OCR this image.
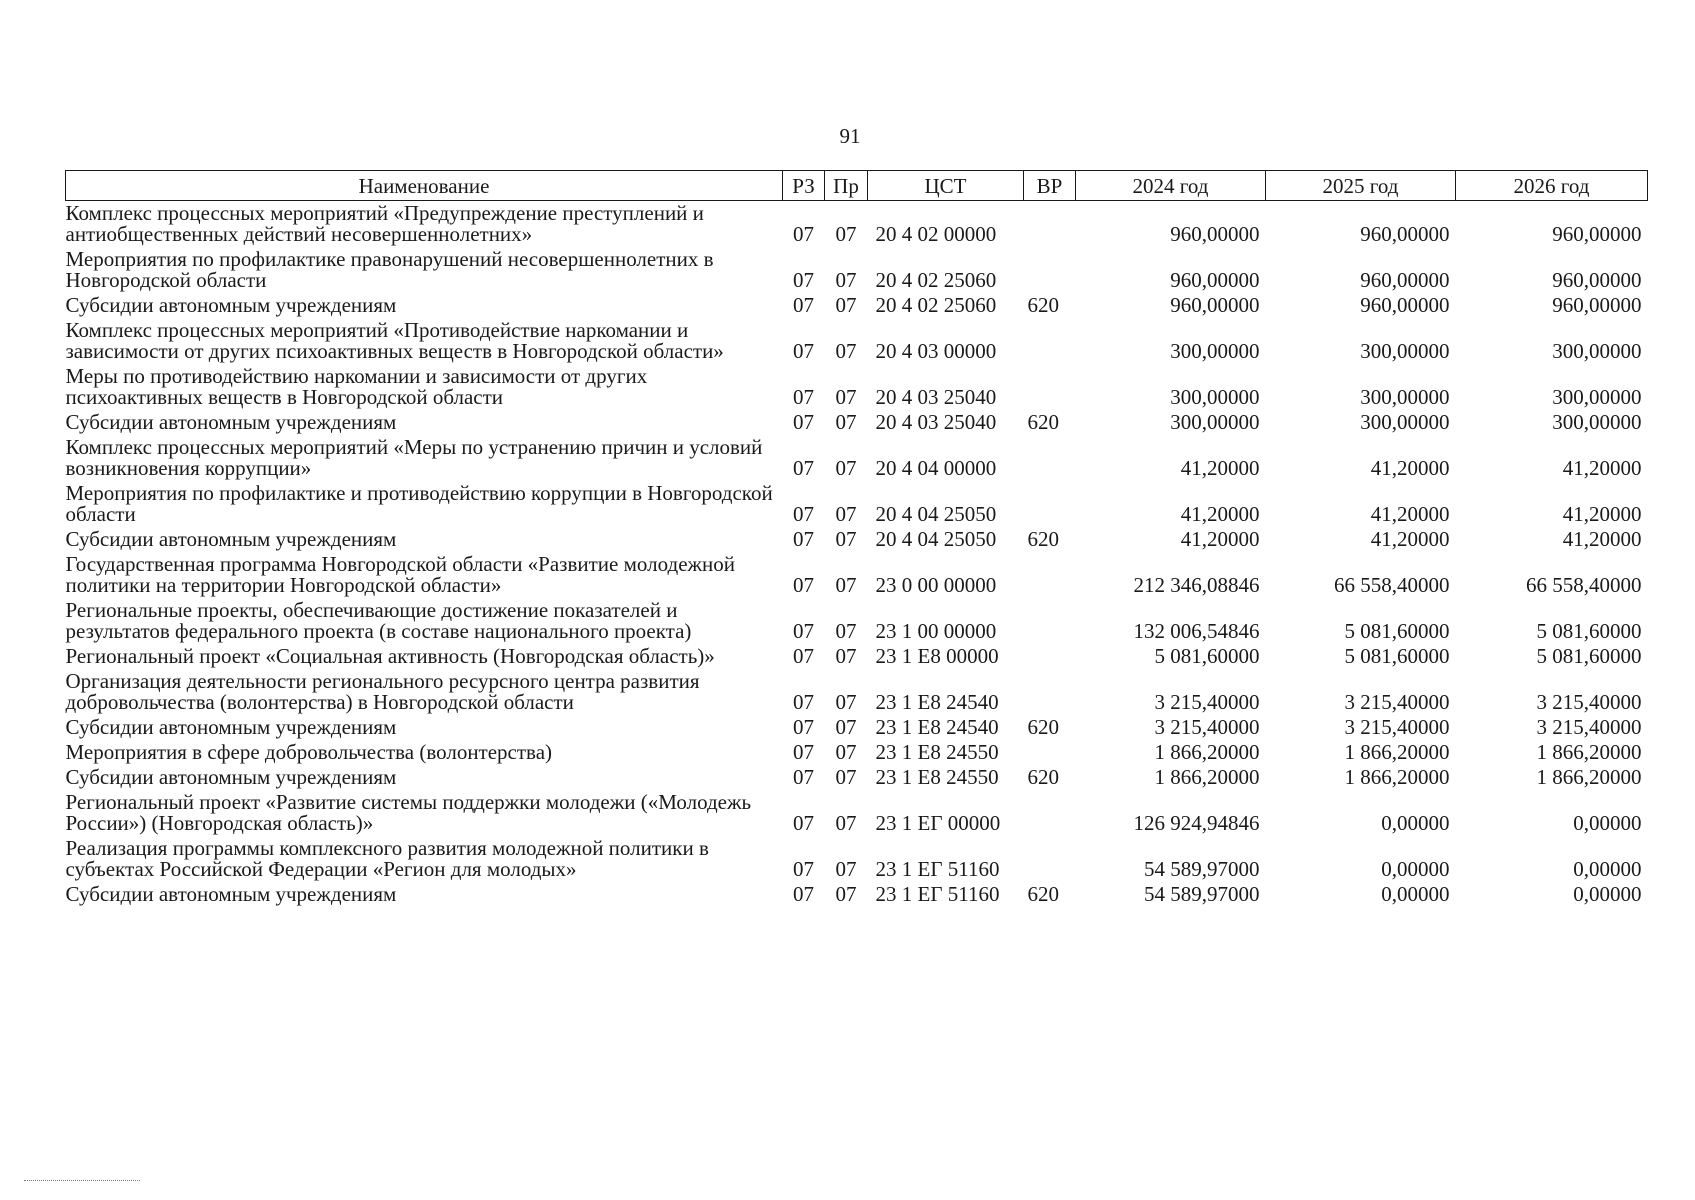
91
Наименование	РЗ	Пр	ЦСТ	ВР	2024 год	2025 год	2026 год
Комплекс процессных мероприятий «Предупреждение преступлений и антиобщественных действий несовершеннолетних»	07	07	20 4 02 00000		960,00000	960,00000	960,00000
Мероприятия по профилактике правонарушений несовершеннолетних в Новгородской области	07	07	20 4 02 25060		960,00000	960,00000	960,00000
Субсидии автономным учреждениям	07	07	20 4 02 25060	620	960,00000	960,00000	960,00000
Комплекс процессных мероприятий «Противодействие наркомании и зависимости от других психоактивных веществ в Новгородской области»	07	07	20 4 03 00000		300,00000	300,00000	300,00000
Меры по противодействию наркомании и зависимости от других психоактивных веществ в Новгородской области	07	07	20 4 03 25040		300,00000	300,00000	300,00000
Субсидии автономным учреждениям	07	07	20 4 03 25040	620	300,00000	300,00000	300,00000
Комплекс процессных мероприятий «Меры по устранению причин и условий возникновения коррупции»	07	07	20 4 04 00000		41,20000	41,20000	41,20000
Мероприятия по профилактике и противодействию коррупции в Новгородской области	07	07	20 4 04 25050		41,20000	41,20000	41,20000
Субсидии автономным учреждениям	07	07	20 4 04 25050	620	41,20000	41,20000	41,20000
Государственная программа Новгородской области «Развитие молодежной политики на территории Новгородской области»	07	07	23 0 00 00000		212 346,08846	66 558,40000	66 558,40000
Региональные проекты, обеспечивающие достижение показателей и результатов федерального проекта (в составе национального проекта)	07	07	23 1 00 00000		132 006,54846	5 081,60000	5 081,60000
Региональный проект «Социальная активность (Новгородская область)»	07	07	23 1 Е8 00000		5 081,60000	5 081,60000	5 081,60000
Организация деятельности регионального ресурсного центра развития добровольчества (волонтерства) в Новгородской области	07	07	23 1 Е8 24540		3 215,40000	3 215,40000	3 215,40000
Субсидии автономным учреждениям	07	07	23 1 Е8 24540	620	3 215,40000	3 215,40000	3 215,40000
Мероприятия в сфере добровольчества (волонтерства)	07	07	23 1 Е8 24550		1 866,20000	1 866,20000	1 866,20000
Субсидии автономным учреждениям	07	07	23 1 Е8 24550	620	1 866,20000	1 866,20000	1 866,20000
Региональный проект «Развитие системы поддержки молодежи («Молодежь России») (Новгородская область)»	07	07	23 1 ЕГ 00000		126 924,94846	0,00000	0,00000
Реализация программы комплексного развития молодежной политики в субъектах Российской Федерации «Регион для молодых»	07	07	23 1 ЕГ 51160		54 589,97000	0,00000	0,00000
Субсидии автономным учреждениям	07	07	23 1 ЕГ 51160	620	54 589,97000	0,00000	0,00000
